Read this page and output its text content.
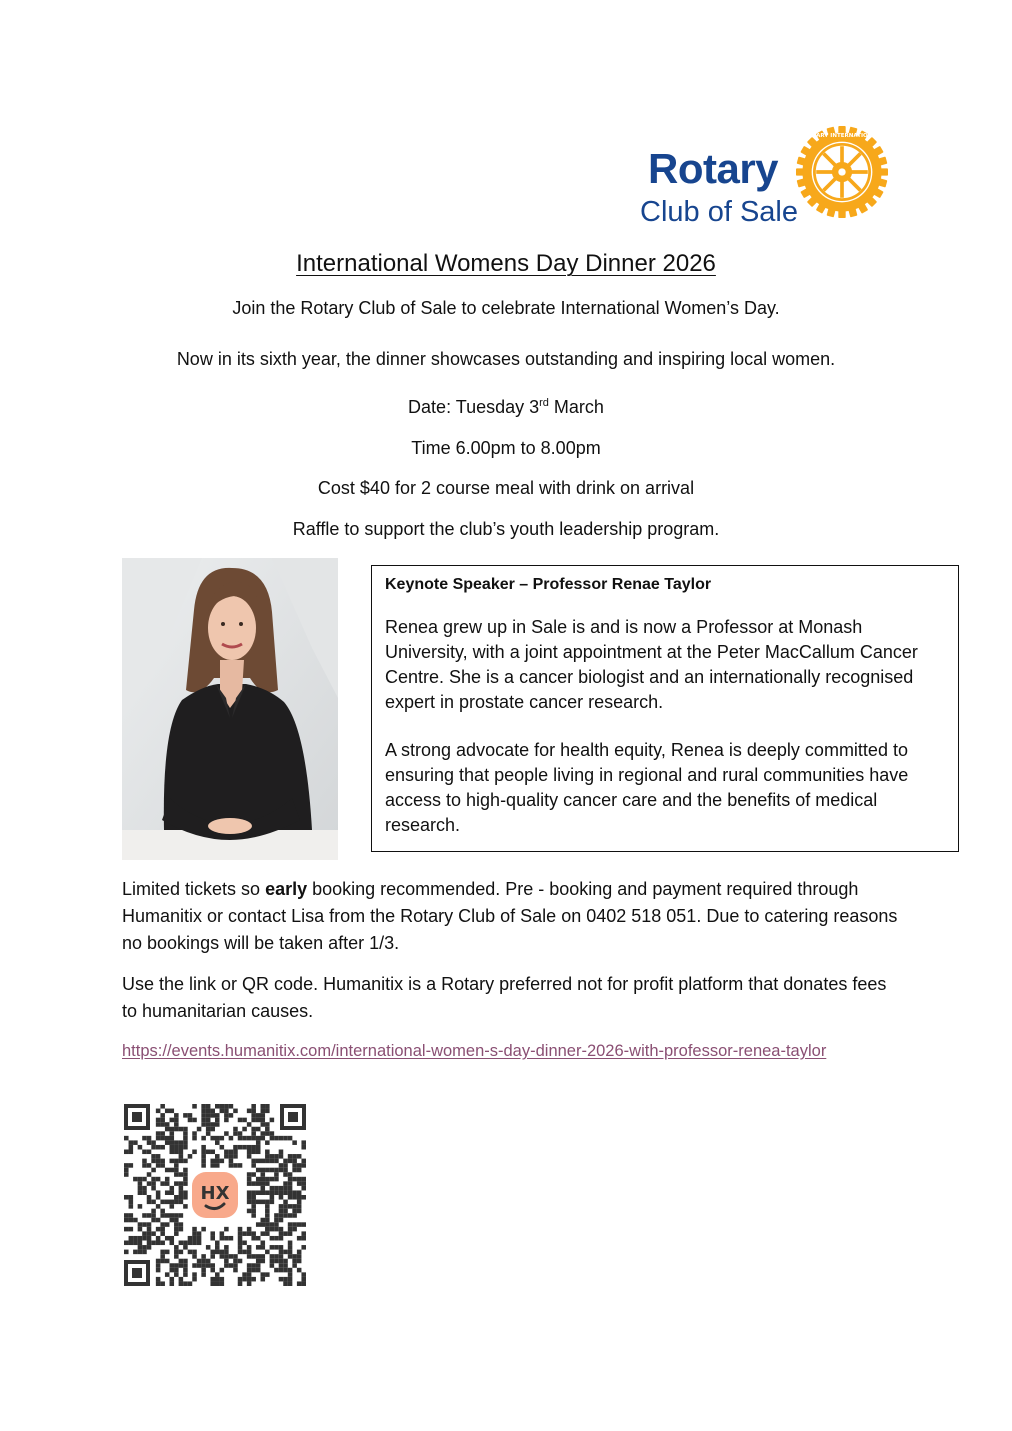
Rotary
Club of Sale
ROTARY INTERNATIONAL
International Womens Day Dinner 2026
Join the Rotary Club of Sale to celebrate International Women’s Day.
Now in its sixth year, the dinner showcases outstanding and inspiring local women.
Date: Tuesday 3rd March
Time 6.00pm to 8.00pm
Cost $40 for 2 course meal with drink on arrival
Raffle to support the club’s youth leadership program.

Keynote Speaker – Professor Renae Taylor

Renea grew up in Sale is and is now a Professor at Monash University, with a joint appointment at the Peter MacCallum Cancer Centre. She is a cancer biologist and an internationally recognised expert in prostate cancer research.

A strong advocate for health equity, Renea is deeply committed to ensuring that people living in regional and rural communities have access to high-quality cancer care and the benefits of medical research.

Limited tickets so early booking recommended. Pre - booking and payment required through Humanitix or contact Lisa from the Rotary Club of Sale on 0402 518 051. Due to catering reasons no bookings will be taken after 1/3.
Use the link or QR code. Humanitix is a Rotary preferred not for profit platform that donates fees to humanitarian causes.
https://events.humanitix.com/international-women-s-day-dinner-2026-with-professor-renea-taylor
HX
